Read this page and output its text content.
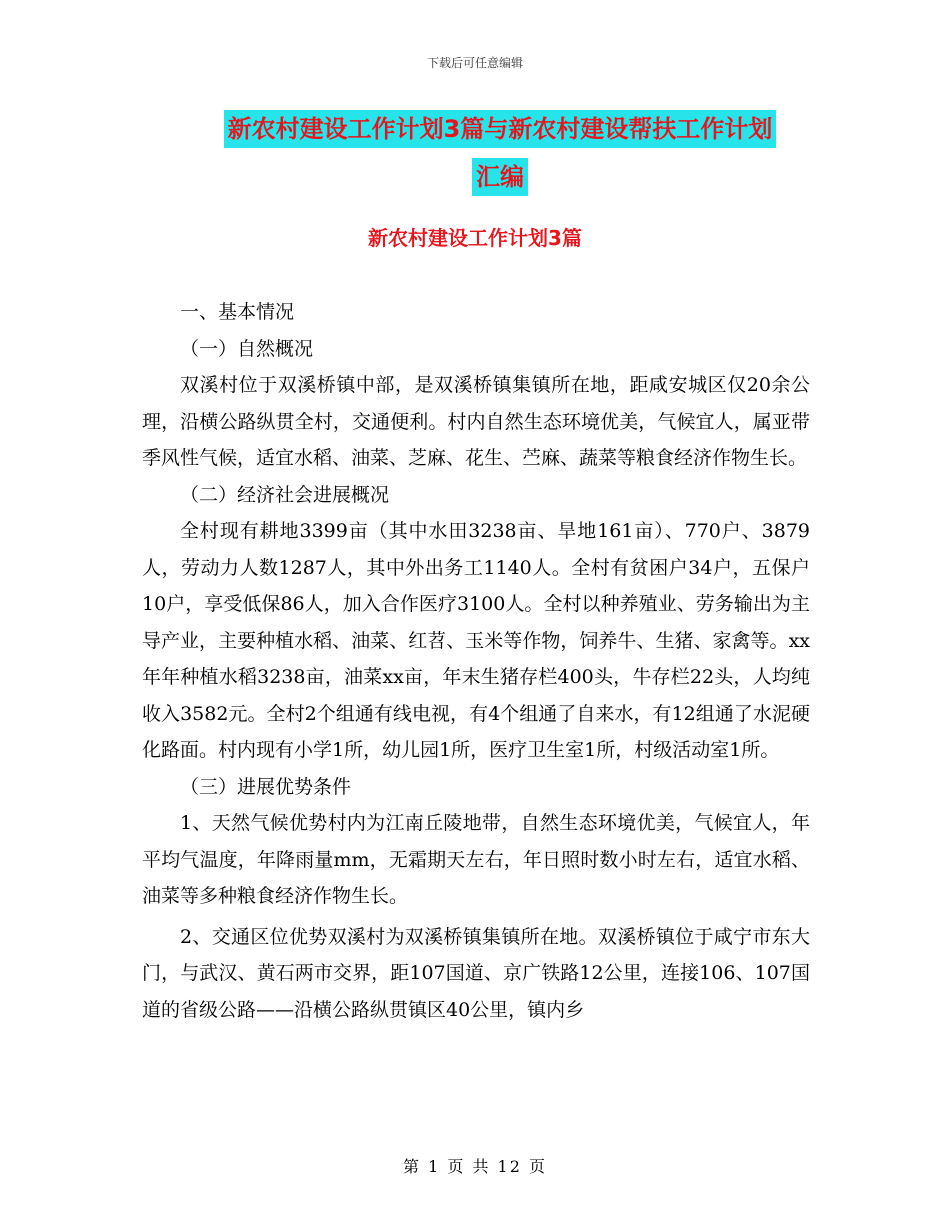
下载后可任意编辑
新农村建设工作计划3篇与新农村建设帮扶工作计划
汇编
新农村建设工作计划3篇

一、基本情况

（一）自然概况

双溪村位于双溪桥镇中部，是双溪桥镇集镇所在地，距咸安城区仅20余公理，沿横公路纵贯全村，交通便利。村内自然生态环境优美，气候宜人，属亚带季风性气候，适宜水稻、油菜、芝麻、花生、苎麻、蔬菜等粮食经济作物生长。

（二）经济社会进展概况

全村现有耕地3399亩（其中水田3238亩、旱地161亩）、770户、3879人，劳动力人数1287人，其中外出务工1140人。全村有贫困户34户，五保户10户，享受低保86人，加入合作医疗3100人。全村以种养殖业、劳务输出为主导产业，主要种植水稻、油菜、红苕、玉米等作物，饲养牛、生猪、家禽等。xx年年种植水稻3238亩，油菜xx亩，年末生猪存栏400头，牛存栏22头，人均纯收入3582元。全村2个组通有线电视，有4个组通了自来水，有12组通了水泥硬化路面。村内现有小学1所，幼儿园1所，医疗卫生室1所，村级活动室1所。

（三）进展优势条件

1、天然气候优势村内为江南丘陵地带，自然生态环境优美，气候宜人，年平均气温度，年降雨量mm，无霜期天左右，年日照时数小时左右，适宜水稻、油菜等多种粮食经济作物生长。

2、交通区位优势双溪村为双溪桥镇集镇所在地。双溪桥镇位于咸宁市东大门，与武汉、黄石两市交界，距107国道、京广铁路12公里，连接106、107国道的省级公路——沿横公路纵贯镇区40公里，镇内乡

第 1 页 共 12 页
